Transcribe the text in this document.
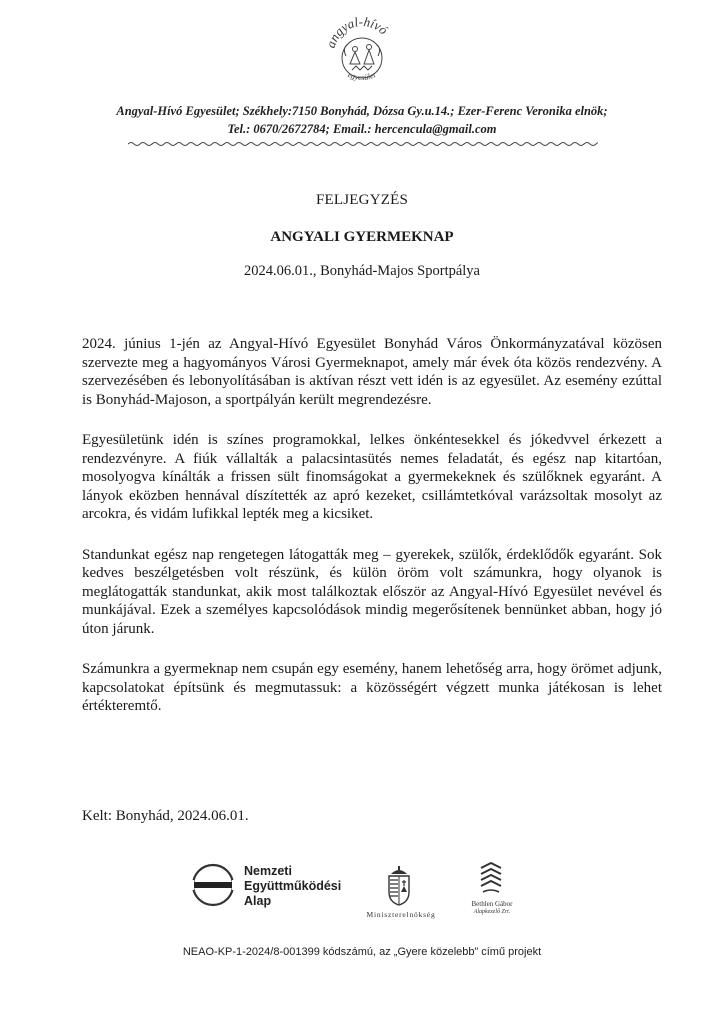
angyal-hívó
egyesület
Angyal-Hívó Egyesület; Székhely:7150 Bonyhád, Dózsa Gy.u.14.; Ezer-Ferenc Veronika elnök;
Tel.: 0670/2672784; Email.: hercencula@gmail.com
FELJEGYZÉS
ANGYALI GYERMEKNAP
2024.06.01., Bonyhád-Majos Sportpálya

2024. június 1-jén az Angyal-Hívó Egyesület Bonyhád Város Önkormányzatával közösen szervezte meg a hagyományos Városi Gyermeknapot, amely már évek óta közös rendezvény. A szervezésében és lebonyolításában is aktívan részt vett idén is az egyesület. Az esemény ezúttal is Bonyhád-Majoson, a sportpályán került megrendezésre.

Egyesületünk idén is színes programokkal, lelkes önkéntesekkel és jókedvvel érkezett a rendezvényre. A fiúk vállalták a palacsintasütés nemes feladatát, és egész nap kitartóan, mosolyogva kínálták a frissen sült finomságokat a gyermekeknek és szülőknek egyaránt. A lányok eközben hennával díszítették az apró kezeket, csillámtetkóval varázsoltak mosolyt az arcokra, és vidám lufikkal lepték meg a kicsiket.

Standunkat egész nap rengetegen látogatták meg – gyerekek, szülők, érdeklődők egyaránt. Sok kedves beszélgetésben volt részünk, és külön öröm volt számunkra, hogy olyanok is meglátogatták standunkat, akik most találkoztak először az Angyal-Hívó Egyesület nevével és munkájával. Ezek a személyes kapcsolódások mindig megerősítenek bennünket abban, hogy jó úton járunk.

Számunkra a gyermeknap nem csupán egy esemény, hanem lehetőség arra, hogy örömet adjunk, kapcsolatokat építsünk és megmutassuk: a közösségért végzett munka játékosan is lehet értékteremtő.

Kelt: Bonyhád, 2024.06.01.
Nemzeti
Együttműködési
Alap
Miniszterelnökség
Bethlen Gábor
Alapkezelő Zrt.
NEAO-KP-1-2024/8-001399 kódszámú, az „Gyere közelebb” című projekt
